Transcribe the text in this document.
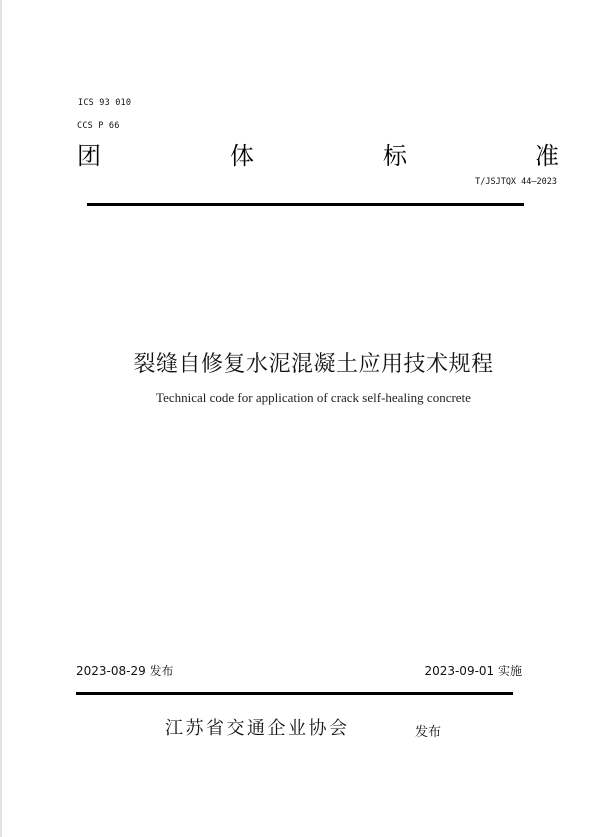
ICS 93 010
CCS P 66
团	体	标	准
T/JSJTQX 44—2023
裂缝自修复水泥混凝土应用技术规程
Technical code for application of crack self-healing concrete
2023-08-29 发布	2023-09-01 实施
江苏省交通企业协会	发布
